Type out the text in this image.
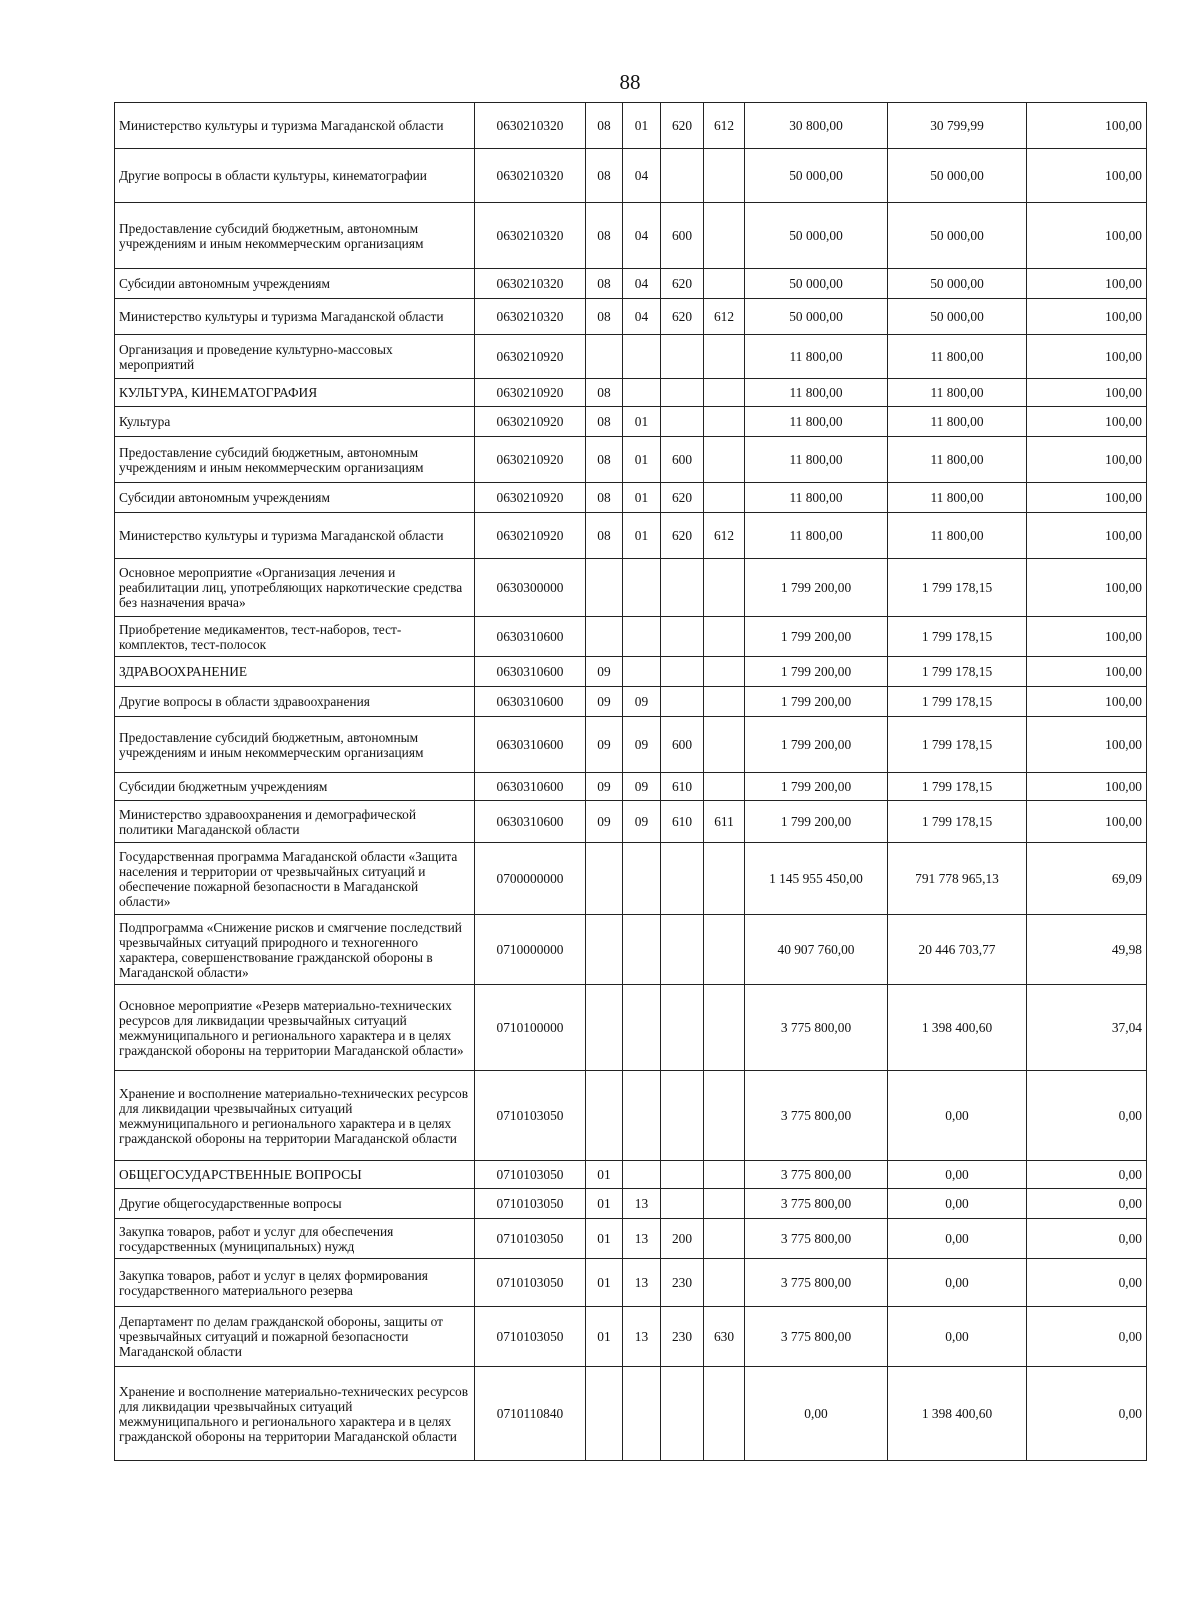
88
Министерство культуры и туризма Магаданской области	0630210320	08	01	620	612	30 800,00	30 799,99	100,00
Другие вопросы в области культуры, кинематографии	0630210320	08	04			50 000,00	50 000,00	100,00
Предоставление субсидий бюджетным, автономным учреждениям и иным некоммерческим организациям	0630210320	08	04	600		50 000,00	50 000,00	100,00
Субсидии автономным учреждениям	0630210320	08	04	620		50 000,00	50 000,00	100,00
Министерство культуры и туризма Магаданской области	0630210320	08	04	620	612	50 000,00	50 000,00	100,00
Организация и проведение культурно-массовых мероприятий	0630210920					11 800,00	11 800,00	100,00
КУЛЬТУРА, КИНЕМАТОГРАФИЯ	0630210920	08				11 800,00	11 800,00	100,00
Культура	0630210920	08	01			11 800,00	11 800,00	100,00
Предоставление субсидий бюджетным, автономным учреждениям и иным некоммерческим организациям	0630210920	08	01	600		11 800,00	11 800,00	100,00
Субсидии автономным учреждениям	0630210920	08	01	620		11 800,00	11 800,00	100,00
Министерство культуры и туризма Магаданской области	0630210920	08	01	620	612	11 800,00	11 800,00	100,00
Основное мероприятие «Организация лечения и реабилитации лиц, употребляющих наркотические средства без назначения врача»	0630300000					1 799 200,00	1 799 178,15	100,00
Приобретение медикаментов, тест-наборов, тест-комплектов, тест-полосок	0630310600					1 799 200,00	1 799 178,15	100,00
ЗДРАВООХРАНЕНИЕ	0630310600	09				1 799 200,00	1 799 178,15	100,00
Другие вопросы в области здравоохранения	0630310600	09	09			1 799 200,00	1 799 178,15	100,00
Предоставление субсидий бюджетным, автономным учреждениям и иным некоммерческим организациям	0630310600	09	09	600		1 799 200,00	1 799 178,15	100,00
Субсидии бюджетным учреждениям	0630310600	09	09	610		1 799 200,00	1 799 178,15	100,00
Министерство здравоохранения и демографической политики Магаданской области	0630310600	09	09	610	611	1 799 200,00	1 799 178,15	100,00
Государственная программа Магаданской области «Защита населения и территории от чрезвычайных ситуаций и обеспечение пожарной безопасности в Магаданской области»	0700000000					1 145 955 450,00	791 778 965,13	69,09
Подпрограмма «Снижение рисков и смягчение последствий чрезвычайных ситуаций природного и техногенного характера, совершенствование гражданской обороны в Магаданской области»	0710000000					40 907 760,00	20 446 703,77	49,98
Основное мероприятие «Резерв материально-технических ресурсов для ликвидации чрезвычайных ситуаций межмуниципального и регионального характера и в целях гражданской обороны на территории Магаданской области»	0710100000					3 775 800,00	1 398 400,60	37,04
Хранение и восполнение материально-технических ресурсов для ликвидации чрезвычайных ситуаций межмуниципального и регионального характера и в целях гражданской обороны на территории Магаданской области	0710103050					3 775 800,00	0,00	0,00
ОБЩЕГОСУДАРСТВЕННЫЕ ВОПРОСЫ	0710103050	01				3 775 800,00	0,00	0,00
Другие общегосударственные вопросы	0710103050	01	13			3 775 800,00	0,00	0,00
Закупка товаров, работ и услуг для обеспечения государственных (муниципальных) нужд	0710103050	01	13	200		3 775 800,00	0,00	0,00
Закупка товаров, работ и услуг в целях формирования государственного материального резерва	0710103050	01	13	230		3 775 800,00	0,00	0,00
Департамент по делам гражданской обороны, защиты от чрезвычайных ситуаций и пожарной безопасности Магаданской области	0710103050	01	13	230	630	3 775 800,00	0,00	0,00
Хранение и восполнение материально-технических ресурсов для ликвидации чрезвычайных ситуаций межмуниципального и регионального характера и в целях гражданской обороны на территории Магаданской области	0710110840					0,00	1 398 400,60	0,00
